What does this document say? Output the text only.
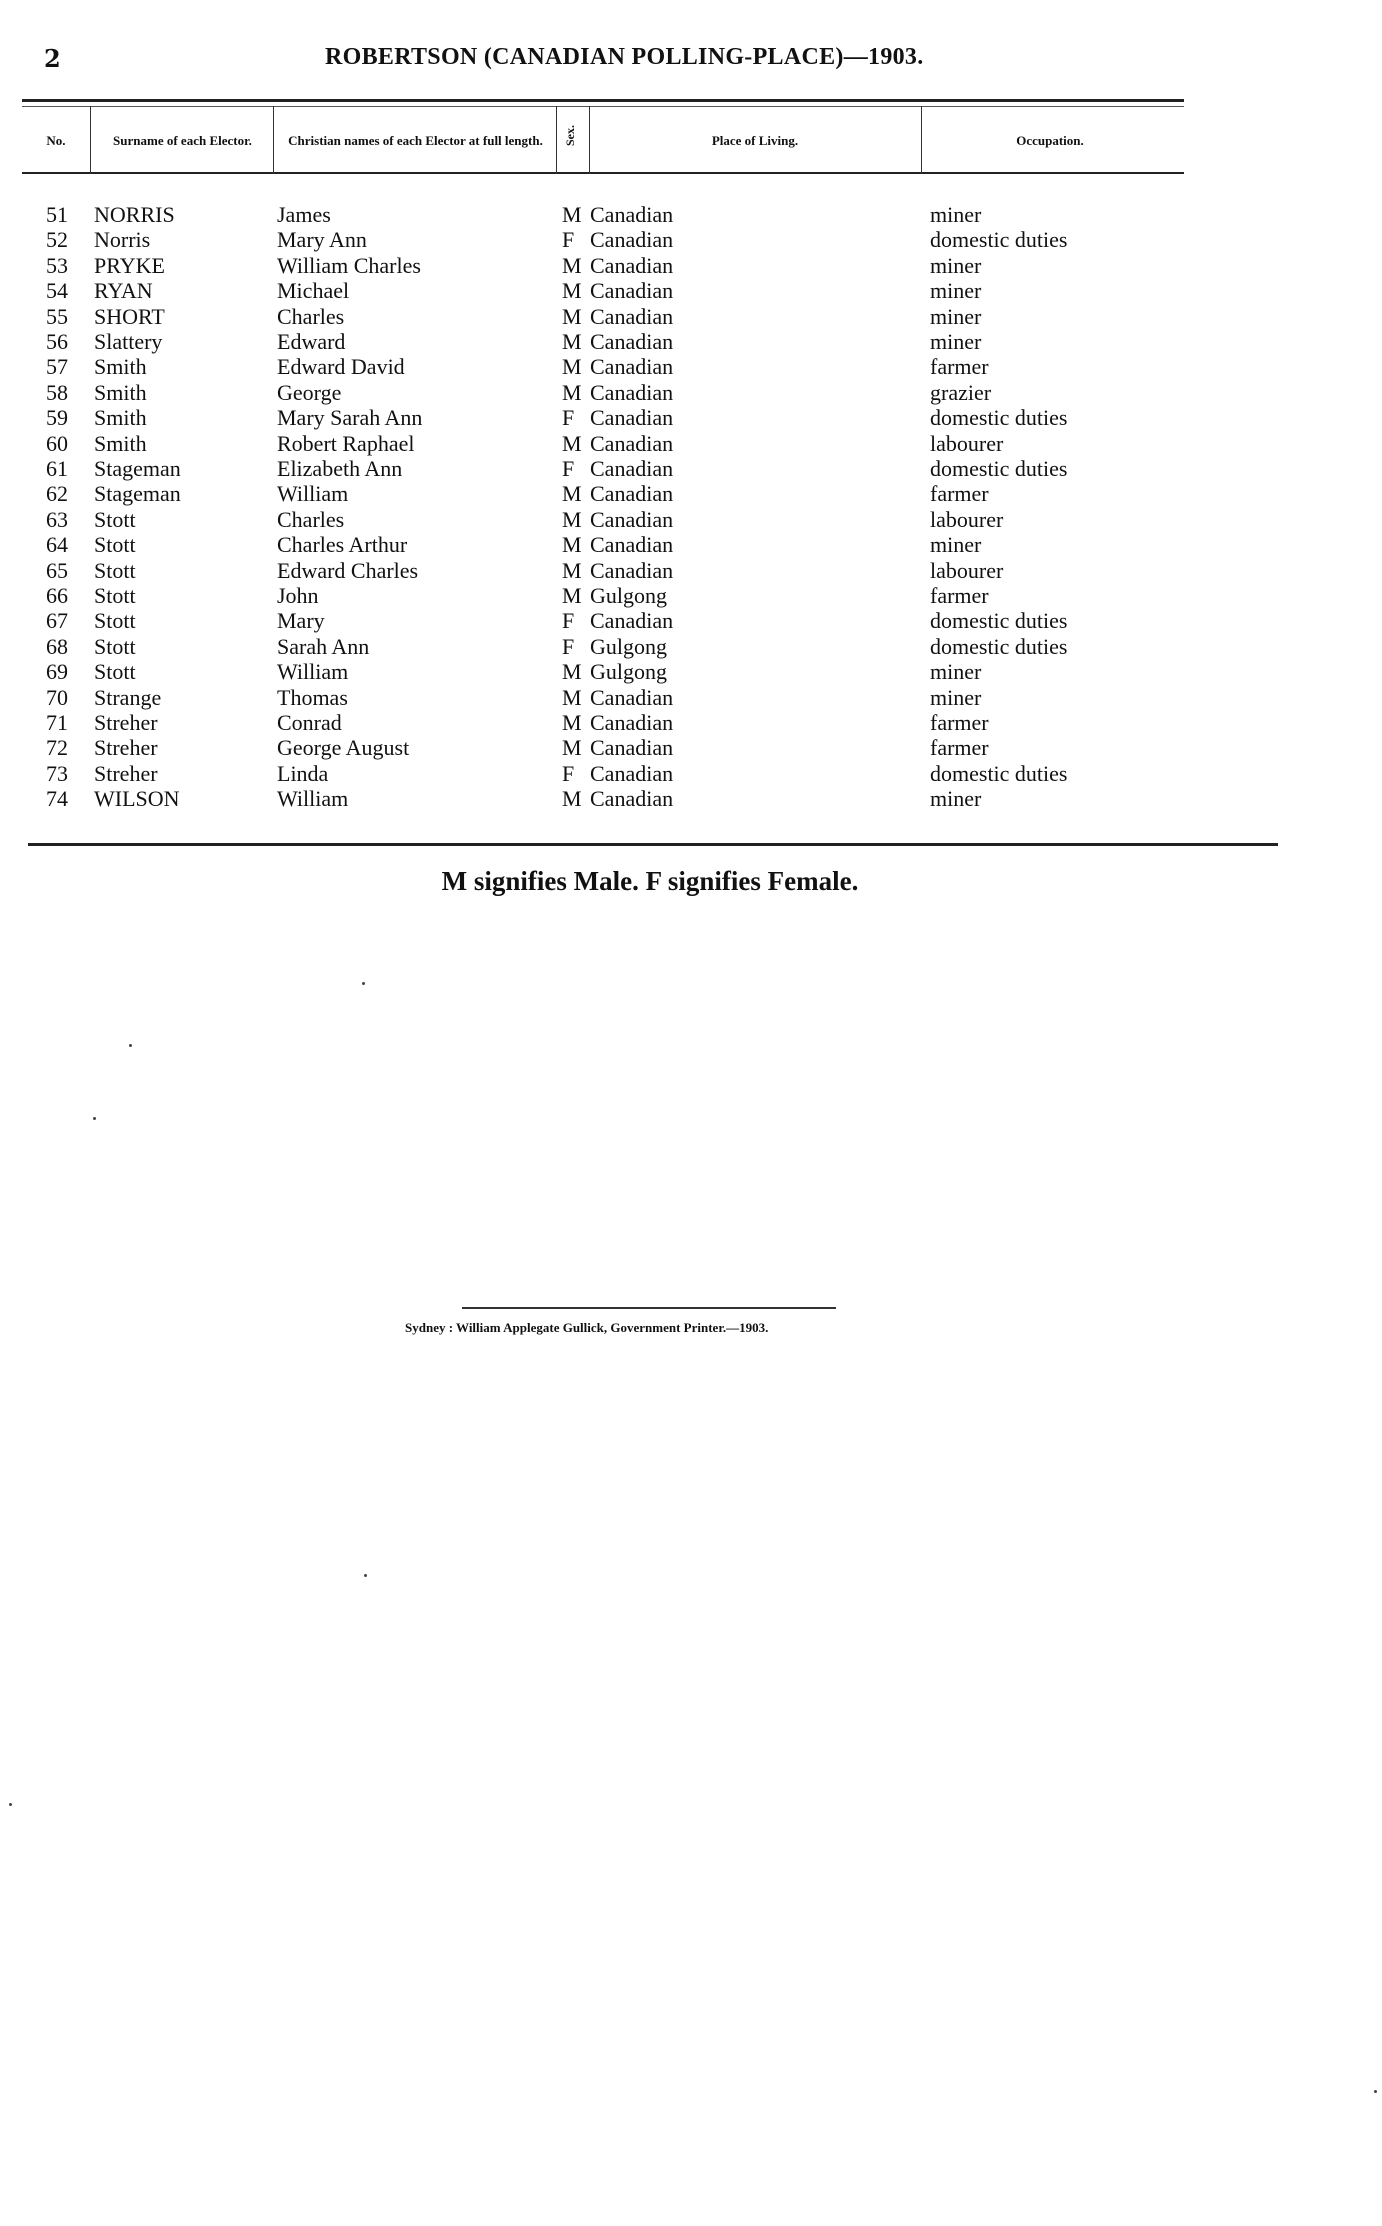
2	ROBERTSON (CANADIAN POLLING-PLACE)—1903.
No.	Surname of each Elector.	Christian names of each Elector at full length.	Sex.	Place of Living.	Occupation.
51 NORRIS	James	M Canadian	miner
52 Norris	Mary Ann	F Canadian	domestic duties
53 PRYKE	William Charles	M Canadian	miner
54 RYAN	Michael	M Canadian	miner
55 SHORT	Charles	M Canadian	miner
56 Slattery	Edward	M Canadian	miner
57 Smith	Edward David	M Canadian	farmer
58 Smith	George	M Canadian	grazier
59 Smith	Mary Sarah Ann	F Canadian	domestic duties
60 Smith	Robert Raphael	M Canadian	labourer
61 Stageman	Elizabeth Ann	F Canadian	domestic duties
62 Stageman	William	M Canadian	farmer
63 Stott	Charles	M Canadian	labourer
64 Stott	Charles Arthur	M Canadian	miner
65 Stott	Edward Charles	M Canadian	labourer
66 Stott	John	M Gulgong	farmer
67 Stott	Mary	F Canadian	domestic duties
68 Stott	Sarah Ann	F Gulgong	domestic duties
69 Stott	William	M Gulgong	miner
70 Strange	Thomas	M Canadian	miner
71 Streher	Conrad	M Canadian	farmer
72 Streher	George August	M Canadian	farmer
73 Streher	Linda	F Canadian	domestic duties
74 WILSON	William	M Canadian	miner
M signifies Male. F signifies Female.
Sydney : William Applegate Gullick, Government Printer.—1903.
